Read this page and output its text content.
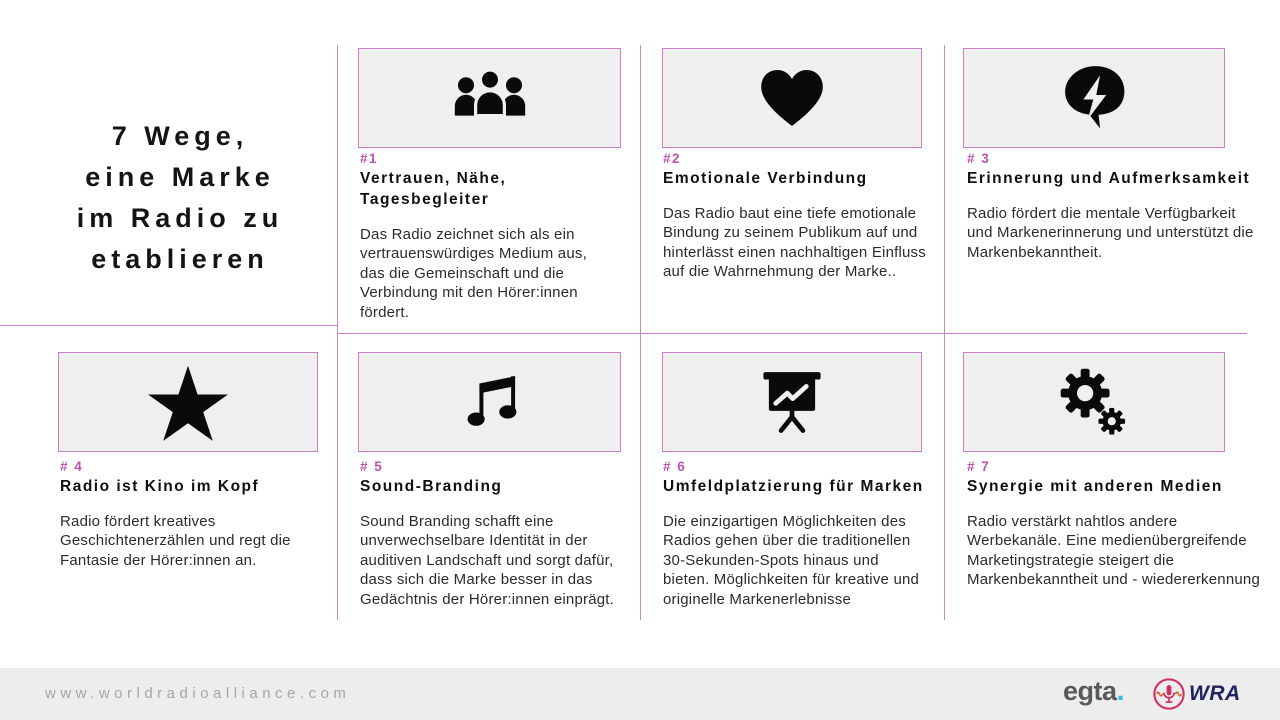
7 Wege,
eine Marke
im Radio zu
etablieren
#1
Vertrauen, Nähe, Tagesbegleiter

Das Radio zeichnet sich als ein vertrauenswürdiges Medium aus, das die Gemeinschaft und die Verbindung mit den Hörer:innen fördert.

#2
Emotionale Verbindung

Das Radio baut eine tiefe emotionale Bindung zu seinem Publikum auf und hinterlässt einen nachhaltigen Einfluss auf die Wahrnehmung der Marke..

# 3
Erinnerung und Aufmerksamkeit

Radio fördert die mentale Verfügbarkeit und Markenerinnerung und unterstützt die Markenbekanntheit.

# 4
Radio ist Kino im Kopf

Radio fördert kreatives Geschichtenerzählen und regt die Fantasie der Hörer:innen an.

# 5
Sound-Branding

Sound Branding schafft eine unverwechselbare Identität in der auditiven Landschaft und sorgt dafür, dass sich die Marke besser in das Gedächtnis der Hörer:innen einprägt.

# 6
Umfeldplatzierung für Marken

Die einzigartigen Möglichkeiten des Radios gehen über die traditionellen 30-Sekunden-Spots hinaus und bieten. Möglichkeiten für kreative und originelle Markenerlebnisse

# 7
Synergie mit anderen Medien

Radio verstärkt nahtlos andere Werbekanäle. Eine medienübergreifende Marketingstrategie steigert die Markenbekanntheit und - wiedererkennung

www.worldradioalliance.com	egta.	WRA
